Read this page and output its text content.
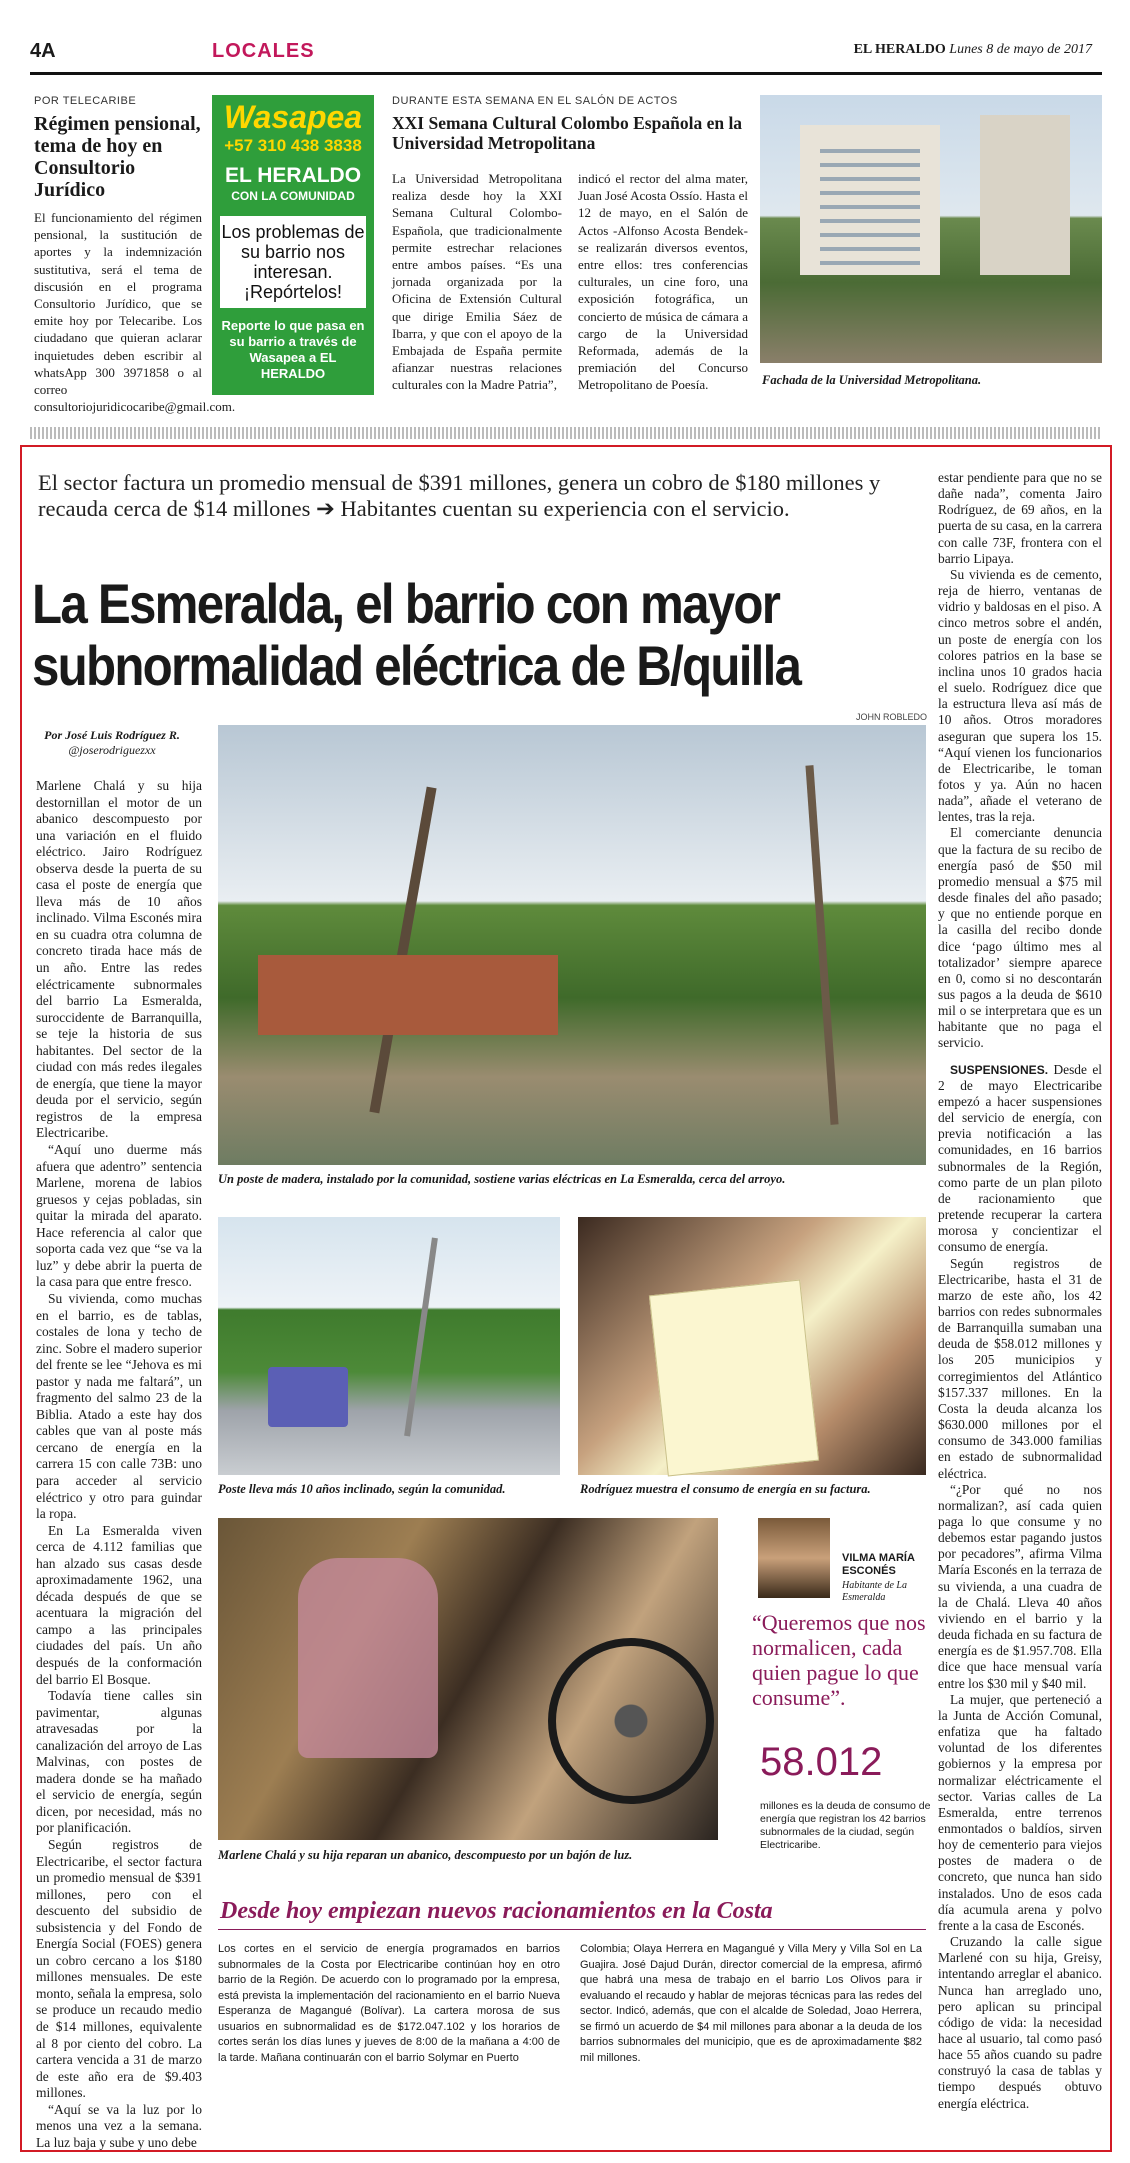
4A	LOCALES	EL HERALDO Lunes 8 de mayo de 2017
POR TELECARIBE
Régimen pensional, tema de hoy en Consultorio Jurídico
El funcionamiento del régimen pensional, la sustitución de aportes y la indemnización sustitutiva, será el tema de discusión en el programa Consultorio Jurídico, que se emite hoy por Telecaribe. Los ciudadano que quieran aclarar inquietudes deben escribir al whatsApp 300 3971858 o al correo consultoriojuridicocaribe@gmail.com.
Wasapea
+57 310 438 3838
EL HERALDO
CON LA COMUNIDAD
Los problemas de su barrio nos interesan. ¡Repórtelos!
Reporte lo que pasa en su barrio a través de Wasapea a EL HERALDO
DURANTE ESTA SEMANA EN EL SALÓN DE ACTOS
XXI Semana Cultural Colombo Española en la Universidad Metropolitana
La Universidad Metropolitana realiza desde hoy la XXI Semana Cultural Colombo-Española, que tradicionalmente permite estrechar relaciones entre ambos países. “Es una jornada organizada por la Oficina de Extensión Cultural que dirige Emilia Sáez de Ibarra, y que con el apoyo de la Embajada de España permite afianzar nuestras relaciones culturales con la Madre Patria”,
indicó el rector del alma mater, Juan José Acosta Ossío. Hasta el 12 de mayo, en el Salón de Actos -Alfonso Acosta Bendek- se realizarán diversos eventos, entre ellos: tres conferencias culturales, un cine foro, una exposición fotográfica, un concierto de música de cámara a cargo de la Universidad Reformada, además de la premiación del Concurso Metropolitano de Poesía.	Fachada de la Universidad Metropolitana.
El sector factura un promedio mensual de $391 millones, genera un cobro de $180 millones y recauda cerca de $14 millones ➔ Habitantes cuentan su experiencia con el servicio.
La Esmeralda, el barrio con mayor subnormalidad eléctrica de B/quilla
Por José Luis Rodríguez R.
@joserodriguezxx
JOHN ROBLEDO

Marlene Chalá y su hija destornillan el motor de un abanico descompuesto por una variación en el fluido eléctrico. Jairo Rodríguez observa desde la puerta de su casa el poste de energía que lleva más de 10 años inclinado. Vilma Esconés mira en su cuadra otra columna de concreto tirada hace más de un año. Entre las redes eléctricamente subnormales del barrio La Esmeralda, suroccidente de Barranquilla, se teje la historia de sus habitantes. Del sector de la ciudad con más redes ilegales de energía, que tiene la mayor deuda por el servicio, según registros de la empresa Electricaribe.

“Aquí uno duerme más afuera que adentro” sentencia Marlene, morena de labios gruesos y cejas pobladas, sin quitar la mirada del aparato. Hace referencia al calor que soporta cada vez que “se va la luz” y debe abrir la puerta de la casa para que entre fresco.

Su vivienda, como muchas en el barrio, es de tablas, costales de lona y techo de zinc. Sobre el madero superior del frente se lee “Jehova es mi pastor y nada me faltará”, un fragmento del salmo 23 de la Biblia. Atado a este hay dos cables que van al poste más cercano de energía en la carrera 15 con calle 73B: uno para acceder al servicio eléctrico y otro para guindar la ropa.

En La Esmeralda viven cerca de 4.112 familias que han alzado sus casas desde aproximadamente 1962, una década después de que se acentuara la migración del campo a las principales ciudades del país. Un año después de la conformación del barrio El Bosque.

Todavía tiene calles sin pavimentar, algunas atravesadas por la canalización del arroyo de Las Malvinas, con postes de madera donde se ha mañado el servicio de energía, según dicen, por necesidad, más no por planificación.

Según registros de Electricaribe, el sector factura un promedio mensual de $391 millones, pero con el descuento del subsidio de subsistencia y del Fondo de Energía Social (FOES) genera un cobro cercano a los $180 millones mensuales. De este monto, señala la empresa, solo se produce un recaudo medio de $14 millones, equivalente al 8 por ciento del cobro. La cartera vencida a 31 de marzo de este año era de $9.403 millones.

“Aquí se va la luz por lo menos una vez a la semana. La luz baja y sube y uno debe

Un poste de madera, instalado por la comunidad, sostiene varias eléctricas en La Esmeralda, cerca del arroyo.
Poste lleva más 10 años inclinado, según la comunidad.	Rodríguez muestra el consumo de energía en su factura.
Marlene Chalá y su hija reparan un abanico, descompuesto por un bajón de luz.
VILMA MARÍA ESCONÉS
Habitante de La Esmeralda
“Queremos que nos normalicen, cada quien pague lo que consume”.
58.012
millones es la deuda de consumo de energía que registran los 42 barrios subnormales de la ciudad, según Electricaribe.
Desde hoy empiezan nuevos racionamientos en la Costa
Los cortes en el servicio de energía programados en barrios subnormales de la Costa por Electricaribe continúan hoy en otro barrio de la Región. De acuerdo con lo programado por la empresa, está prevista la implementación del racionamiento en el barrio Nueva Esperanza de Magangué (Bolívar). La cartera morosa de sus usuarios en subnormalidad es de $172.047.102 y los horarios de cortes serán los días lunes y jueves de 8:00 de la mañana a 4:00 de la tarde. Mañana continuarán con el barrio Solymar en Puerto
Colombia; Olaya Herrera en Magangué y Villa Mery y Villa Sol en La Guajira. José Dajud Durán, director comercial de la empresa, afirmó que habrá una mesa de trabajo en el barrio Los Olivos para ir evaluando el recaudo y hablar de mejoras técnicas para las redes del sector. Indicó, además, que con el alcalde de Soledad, Joao Herrera, se firmó un acuerdo de $4 mil millones para abonar a la deuda de los barrios subnormales del municipio, que es de aproximadamente $82 mil millones.

estar pendiente para que no se dañe nada”, comenta Jairo Rodríguez, de 69 años, en la puerta de su casa, en la carrera con calle 73F, frontera con el barrio Lipaya.

Su vivienda es de cemento, reja de hierro, ventanas de vidrio y baldosas en el piso. A cinco metros sobre el andén, un poste de energía con los colores patrios en la base se inclina unos 10 grados hacia el suelo. Rodríguez dice que la estructura lleva así más de 10 años. Otros moradores aseguran que supera los 15. “Aquí vienen los funcionarios de Electricaribe, le toman fotos y ya. Aún no hacen nada”, añade el veterano de lentes, tras la reja.

El comerciante denuncia que la factura de su recibo de energía pasó de $50 mil promedio mensual a $75 mil desde finales del año pasado; y que no entiende porque en la casilla del recibo donde dice ‘pago último mes al totalizador’ siempre aparece en 0, como si no descontarán sus pagos a la deuda de $610 mil o se interpretara que es un habitante que no paga el servicio.

SUSPENSIONES. Desde el 2 de mayo Electricaribe empezó a hacer suspensiones del servicio de energía, con previa notificación a las comunidades, en 16 barrios subnormales de la Región, como parte de un plan piloto de racionamiento que pretende recuperar la cartera morosa y concientizar el consumo de energía.

Según registros de Electricaribe, hasta el 31 de marzo de este año, los 42 barrios con redes subnormales de Barranquilla sumaban una deuda de $58.012 millones y los 205 municipios y corregimientos del Atlántico $157.337 millones. En la Costa la deuda alcanza los $630.000 millones por el consumo de 343.000 familias en estado de subnormalidad eléctrica.

“¿Por qué no nos normalizan?, así cada quien paga lo que consume y no debemos estar pagando justos por pecadores”, afirma Vilma María Esconés en la terraza de su vivienda, a una cuadra de la de Chalá. Lleva 40 años viviendo en el barrio y la deuda fichada en su factura de energía es de $1.957.708. Ella dice que hace mensual varía entre los $30 mil y $40 mil.

La mujer, que perteneció a la Junta de Acción Comunal, enfatiza que ha faltado voluntad de los diferentes gobiernos y la empresa por normalizar eléctricamente el sector. Varias calles de La Esmeralda, entre terrenos enmontados o baldíos, sirven hoy de cementerio para viejos postes de madera o de concreto, que nunca han sido instalados. Uno de esos cada día acumula arena y polvo frente a la casa de Esconés.

Cruzando la calle sigue Marlené con su hija, Greisy, intentando arreglar el abanico. Nunca han arreglado uno, pero aplican su principal código de vida: la necesidad hace al usuario, tal como pasó hace 55 años cuando su padre construyó la casa de tablas y tiempo después obtuvo energía eléctrica.
